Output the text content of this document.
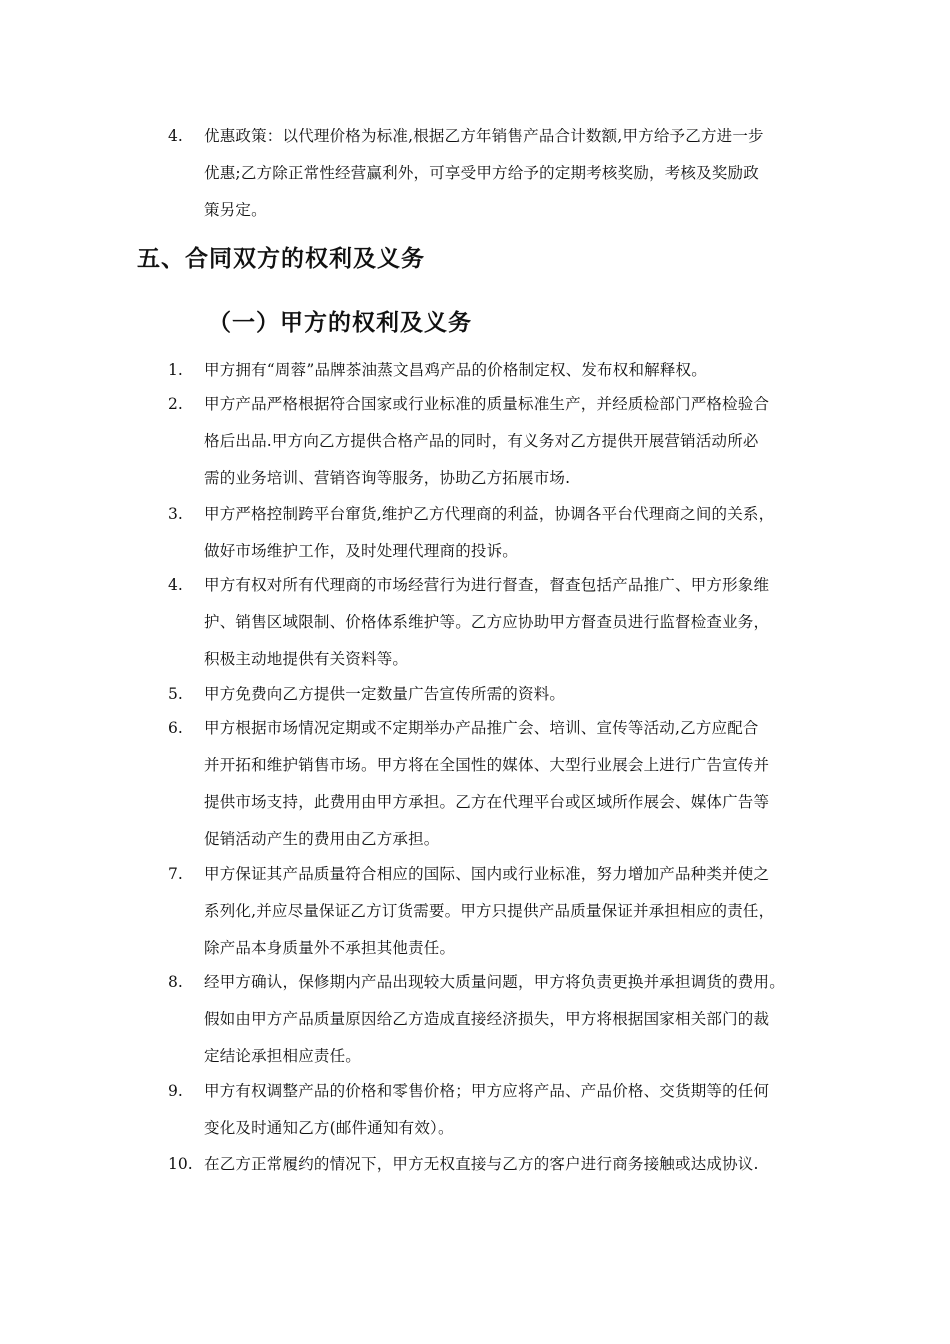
4.	优惠政策：以代理价格为标准,根据乙方年销售产品合计数额,甲方给予乙方进一步
优惠;乙方除正常性经营赢利外，可享受甲方给予的定期考核奖励，考核及奖励政
策另定。
五、合同双方的权利及义务
（一）甲方的权利及义务
1.	甲方拥有“周蓉”品牌茶油蒸文昌鸡产品的价格制定权、发布权和解释权。
2.	甲方产品严格根据符合国家或行业标准的质量标准生产，并经质检部门严格检验合
格后出品.甲方向乙方提供合格产品的同时，有义务对乙方提供开展营销活动所必
需的业务培训、营销咨询等服务，协助乙方拓展市场.
3.	甲方严格控制跨平台窜货,维护乙方代理商的利益，协调各平台代理商之间的关系，
做好市场维护工作，及时处理代理商的投诉。
4.	甲方有权对所有代理商的市场经营行为进行督查，督查包括产品推广、甲方形象维
护、销售区域限制、价格体系维护等。乙方应协助甲方督查员进行监督检查业务，
积极主动地提供有关资料等。
5.	甲方免费向乙方提供一定数量广告宣传所需的资料。
6.	甲方根据市场情况定期或不定期举办产品推广会、培训、宣传等活动,乙方应配合
并开拓和维护销售市场。甲方将在全国性的媒体、大型行业展会上进行广告宣传并
提供市场支持，此费用由甲方承担。乙方在代理平台或区域所作展会、媒体广告等
促销活动产生的费用由乙方承担。
7.	甲方保证其产品质量符合相应的国际、国内或行业标准，努力增加产品种类并使之
系列化,并应尽量保证乙方订货需要。甲方只提供产品质量保证并承担相应的责任，
除产品本身质量外不承担其他责任。
8.	经甲方确认，保修期内产品出现较大质量问题，甲方将负责更换并承担调货的费用。
假如由甲方产品质量原因给乙方造成直接经济损失，甲方将根据国家相关部门的裁
定结论承担相应责任。
9.	甲方有权调整产品的价格和零售价格；甲方应将产品、产品价格、交货期等的任何
变化及时通知乙方(邮件通知有效）。
10. 在乙方正常履约的情况下，甲方无权直接与乙方的客户进行商务接触或达成协议.
